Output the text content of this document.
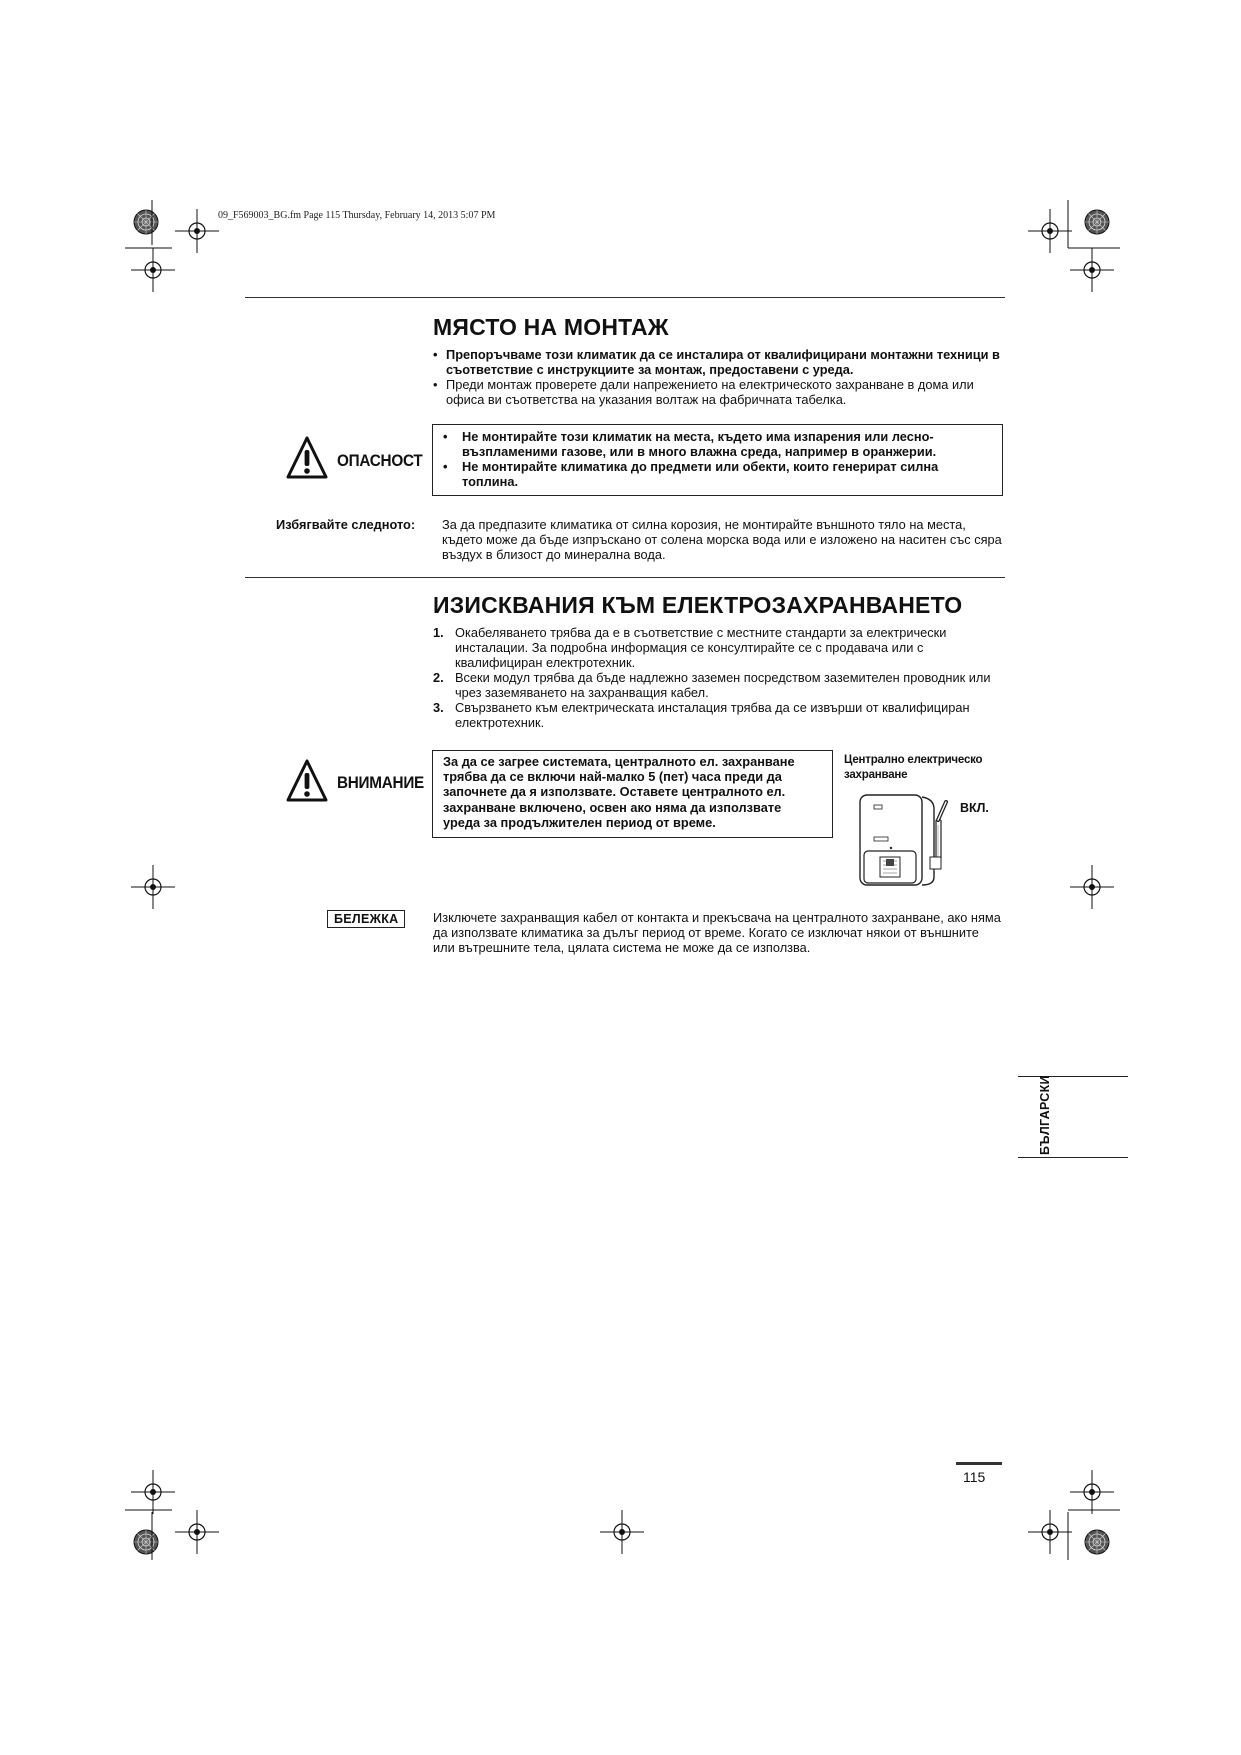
09_F569003_BG.fm Page 115 Thursday, February 14, 2013 5:07 PM
МЯСТО НА МОНТАЖ
• Препоръчваме този климатик да се инсталира от квалифицирани монтажни техници в съответствие с инструкциите за монтаж, предоставени с уреда.
• Преди монтаж проверете дали напрежението на електрическото захранване в дома или офиса ви съответства на указания волтаж на фабричната табелка.
ОПАСНОСТ
• Не монтирайте този климатик на места, където има изпарения или лесно-възпламеними газове, или в много влажна среда, например в оранжерии.
• Не монтирайте климатика до предмети или обекти, които генерират силна топлина.
Избягвайте следното: За да предпазите климатика от силна корозия, не монтирайте външното тяло на места, където може да бъде изпръскано от солена морска вода или е изложено на наситен със сяра въздух в близост до минерална вода.
ИЗИСКВАНИЯ КЪМ ЕЛЕКТРОЗАХРАНВАНЕТО
1. Окабеляването трябва да е в съответствие с местните стандарти за електрически инсталации. За подробна информация се консултирайте се с продавача или с квалифициран електротехник.
2. Всеки модул трябва да бъде надлежно заземен посредством заземителен проводник или чрез заземяването на захранващия кабел.
3. Свързването към електрическата инсталация трябва да се извърши от квалифициран електротехник.
ВНИМАНИЕ
За да се загрее системата, централното ел. захранване трябва да се включи най-малко 5 (пет) часа преди да започнете да я използвате. Оставете централното ел. захранване включено, освен ако няма да използвате уреда за продължителен период от време.
Централно електрическо захранване
ВКЛ.
БЕЛЕЖКА	Изключете захранващия кабел от контакта и прекъсвача на централното захранване, ако няма да използвате климатика за дълъг период от време. Когато се изключат някои от външните или вътрешните тела, цялата система не може да се използва.
БЪЛГАРСКИ
115
